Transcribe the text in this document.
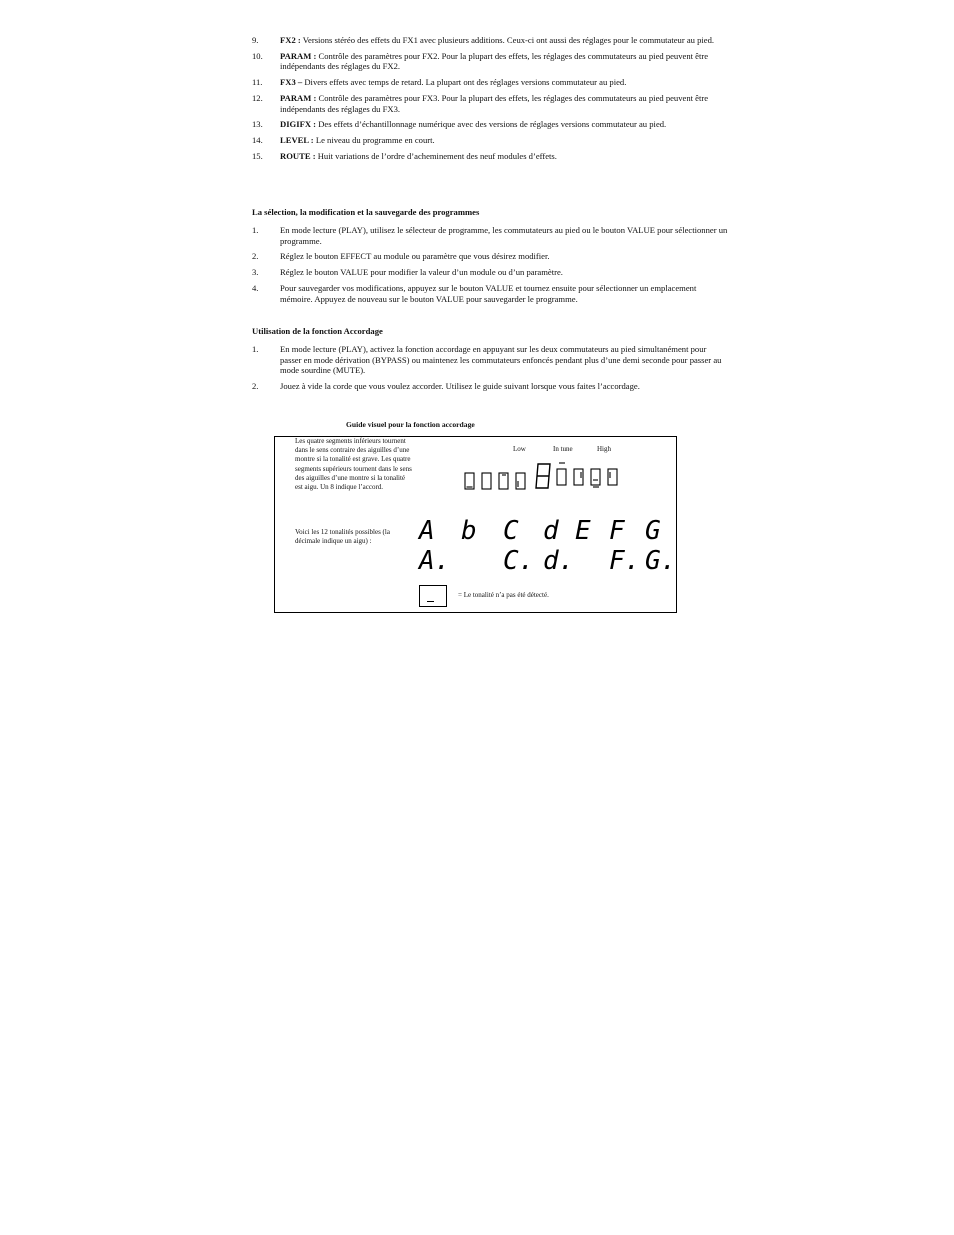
9.	FX2 : Versions stéréo des effets du FX1 avec plusieurs additions. Ceux-ci ont aussi des réglages pour le commutateur au pied.
10. PARAM : Contrôle des paramètres pour FX2. Pour la plupart des effets, les réglages des commutateurs au pied peuvent être indépendants des réglages du FX2.
11. FX3 – Divers effets avec temps de retard. La plupart ont des réglages versions commutateur au pied.
12. PARAM : Contrôle des paramètres pour FX3. Pour la plupart des effets, les réglages des commutateurs au pied peuvent être indépendants des réglages du FX3.
13. DIGIFX : Des effets d’échantillonnage numérique avec des versions de réglages versions commutateur au pied.
14. LEVEL : Le niveau du programme en court.
15. ROUTE : Huit variations de l’ordre d’acheminement des neuf modules d’effets.

La sélection, la modification et la sauvegarde des programmes

1.	En mode lecture (PLAY), utilisez le sélecteur de programme, les commutateurs au pied ou le bouton VALUE pour sélectionner un programme.
2.	Réglez le bouton EFFECT au module ou paramètre que vous désirez modifier.
3.	Réglez le bouton VALUE pour modifier la valeur d’un module ou d’un paramètre.
4.	Pour sauvegarder vos modifications, appuyez sur le bouton VALUE et tournez ensuite pour sélectionner un emplacement mémoire. Appuyez de nouveau sur le bouton VALUE pour sauvegarder le programme.

Utilisation de la fonction Accordage

1.	En mode lecture (PLAY), activez la fonction accordage en appuyant sur les deux commutateurs au pied simultanément pour passer en mode dérivation (BYPASS) ou maintenez les commutateurs enfoncés pendant plus d’une demi seconde pour passer au mode sourdine (MUTE).
2.	Jouez à vide la corde que vous voulez accorder. Utilisez le guide suivant lorsque vous faites l’accordage.

Guide visuel pour la fonction accordage

Les quatre segments inférieurs tournent dans le sens contraire des aiguilles d’une montre si la tonalité est grave. Les quatre segments supérieurs tournent dans le sens des aiguilles d’une montre si la tonalité est aigu. Un 8 indique l’accord.

Voici les 12 tonalités possibles (la décimale indique un aigu) :

Low	In tune	High
A b C d E F G
A. C. d. F. G.
= Le tonalité n’a pas été détecté.
